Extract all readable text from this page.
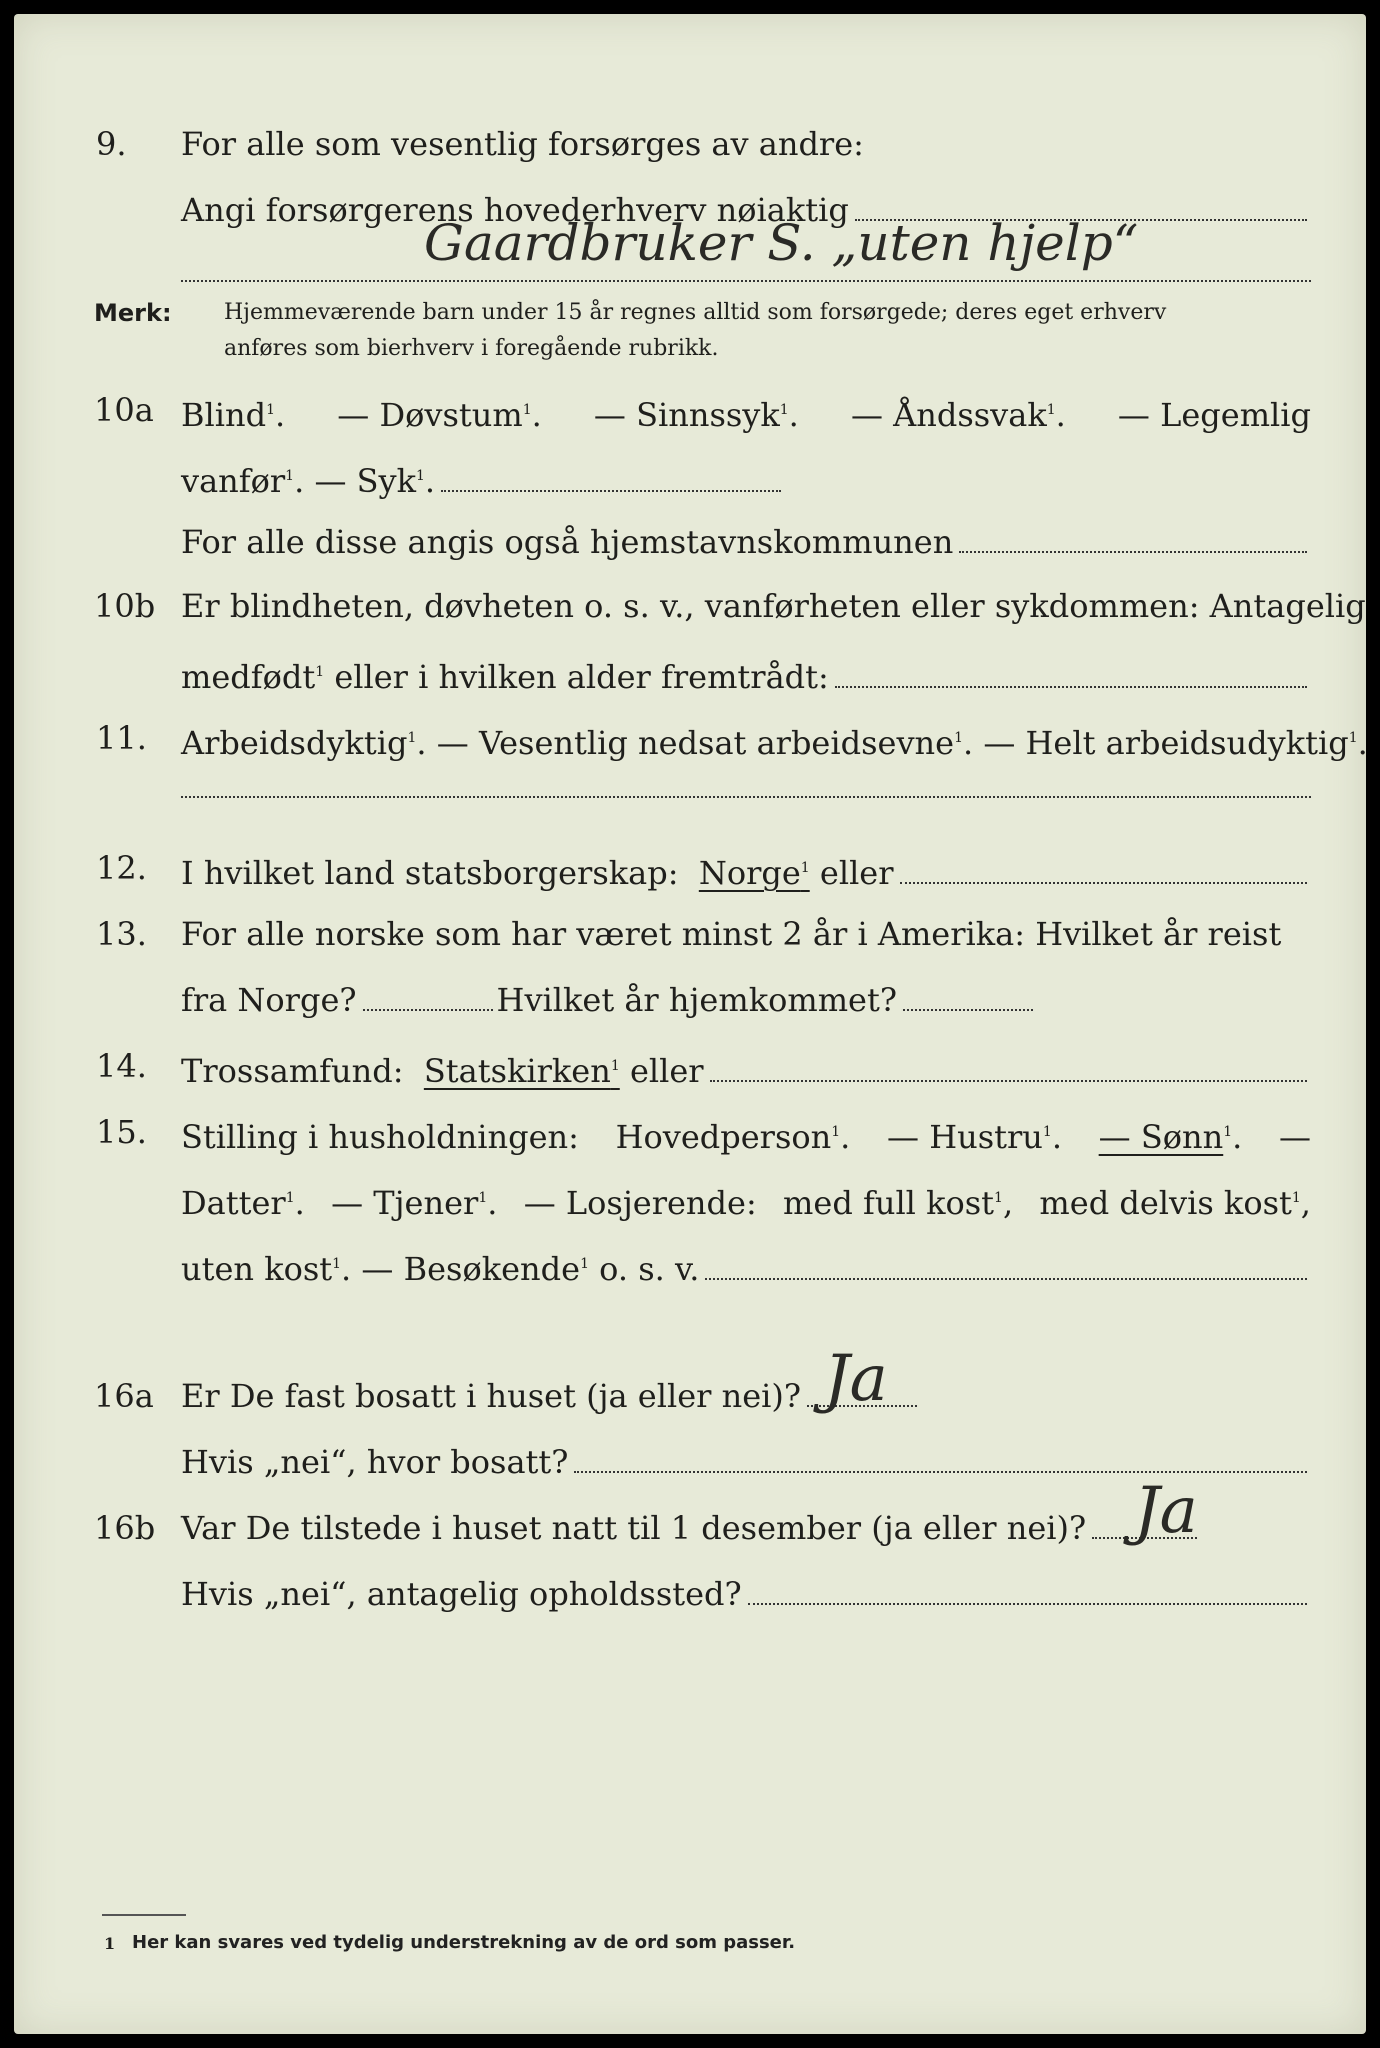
9. For alle som vesentlig forsørges av andre:
Angi forsørgerens hovederhverv nøiaktig
Gaardbruker S. „uten hjelp“
Merk: Hjemmeværende barn under 15 år regnes alltid som forsørgede; deres eget erhverv
anføres som bierhverv i foregående rubrikk.
10a Blind$^1$. — Døvstum$^1$. — Sinnssyk$^1$. — Åndssvak$^1$. — Legemlig
vanfør$^1$. — Syk$^1$.
For alle disse angis også hjemstavnskommunen
10b Er blindheten, døvheten o. s. v., vanførheten eller sykdommen: Antagelig
medfødt$^1$ eller i hvilken alder fremtrådt:
11. Arbeidsdyktig$^1$. — Vesentlig nedsat arbeidsevne$^1$. — Helt arbeidsudyktig$^1$.
12. I hvilket land statsborgerskap:
Norge$^1$
eller
13. For alle norske som har været minst 2 år i Amerika: Hvilket år reist
fra Norge?	Hvilket år hjemkommet?
14. Trossamfund:
Statskirken$^1$
eller
15. Stilling i husholdningen: Hovedperson$^1$. — Hustru$^1$. — Sønn$^1$. —
Datter$^1$. — Tjener$^1$. — Losjerende: med full kost$^1$, med delvis kost$^1$,
uten kost$^1$. — Besøkende$^1$ o. s. v.
16a Er De fast bosatt i huset (ja eller nei)? Ja
Hvis „nei“, hvor bosatt?
16b Var De tilstede i huset natt til 1 desember (ja eller nei)? Ja
Hvis „nei“, antagelig opholdssted?
1 Her kan svares ved tydelig understrekning av de ord som passer.
